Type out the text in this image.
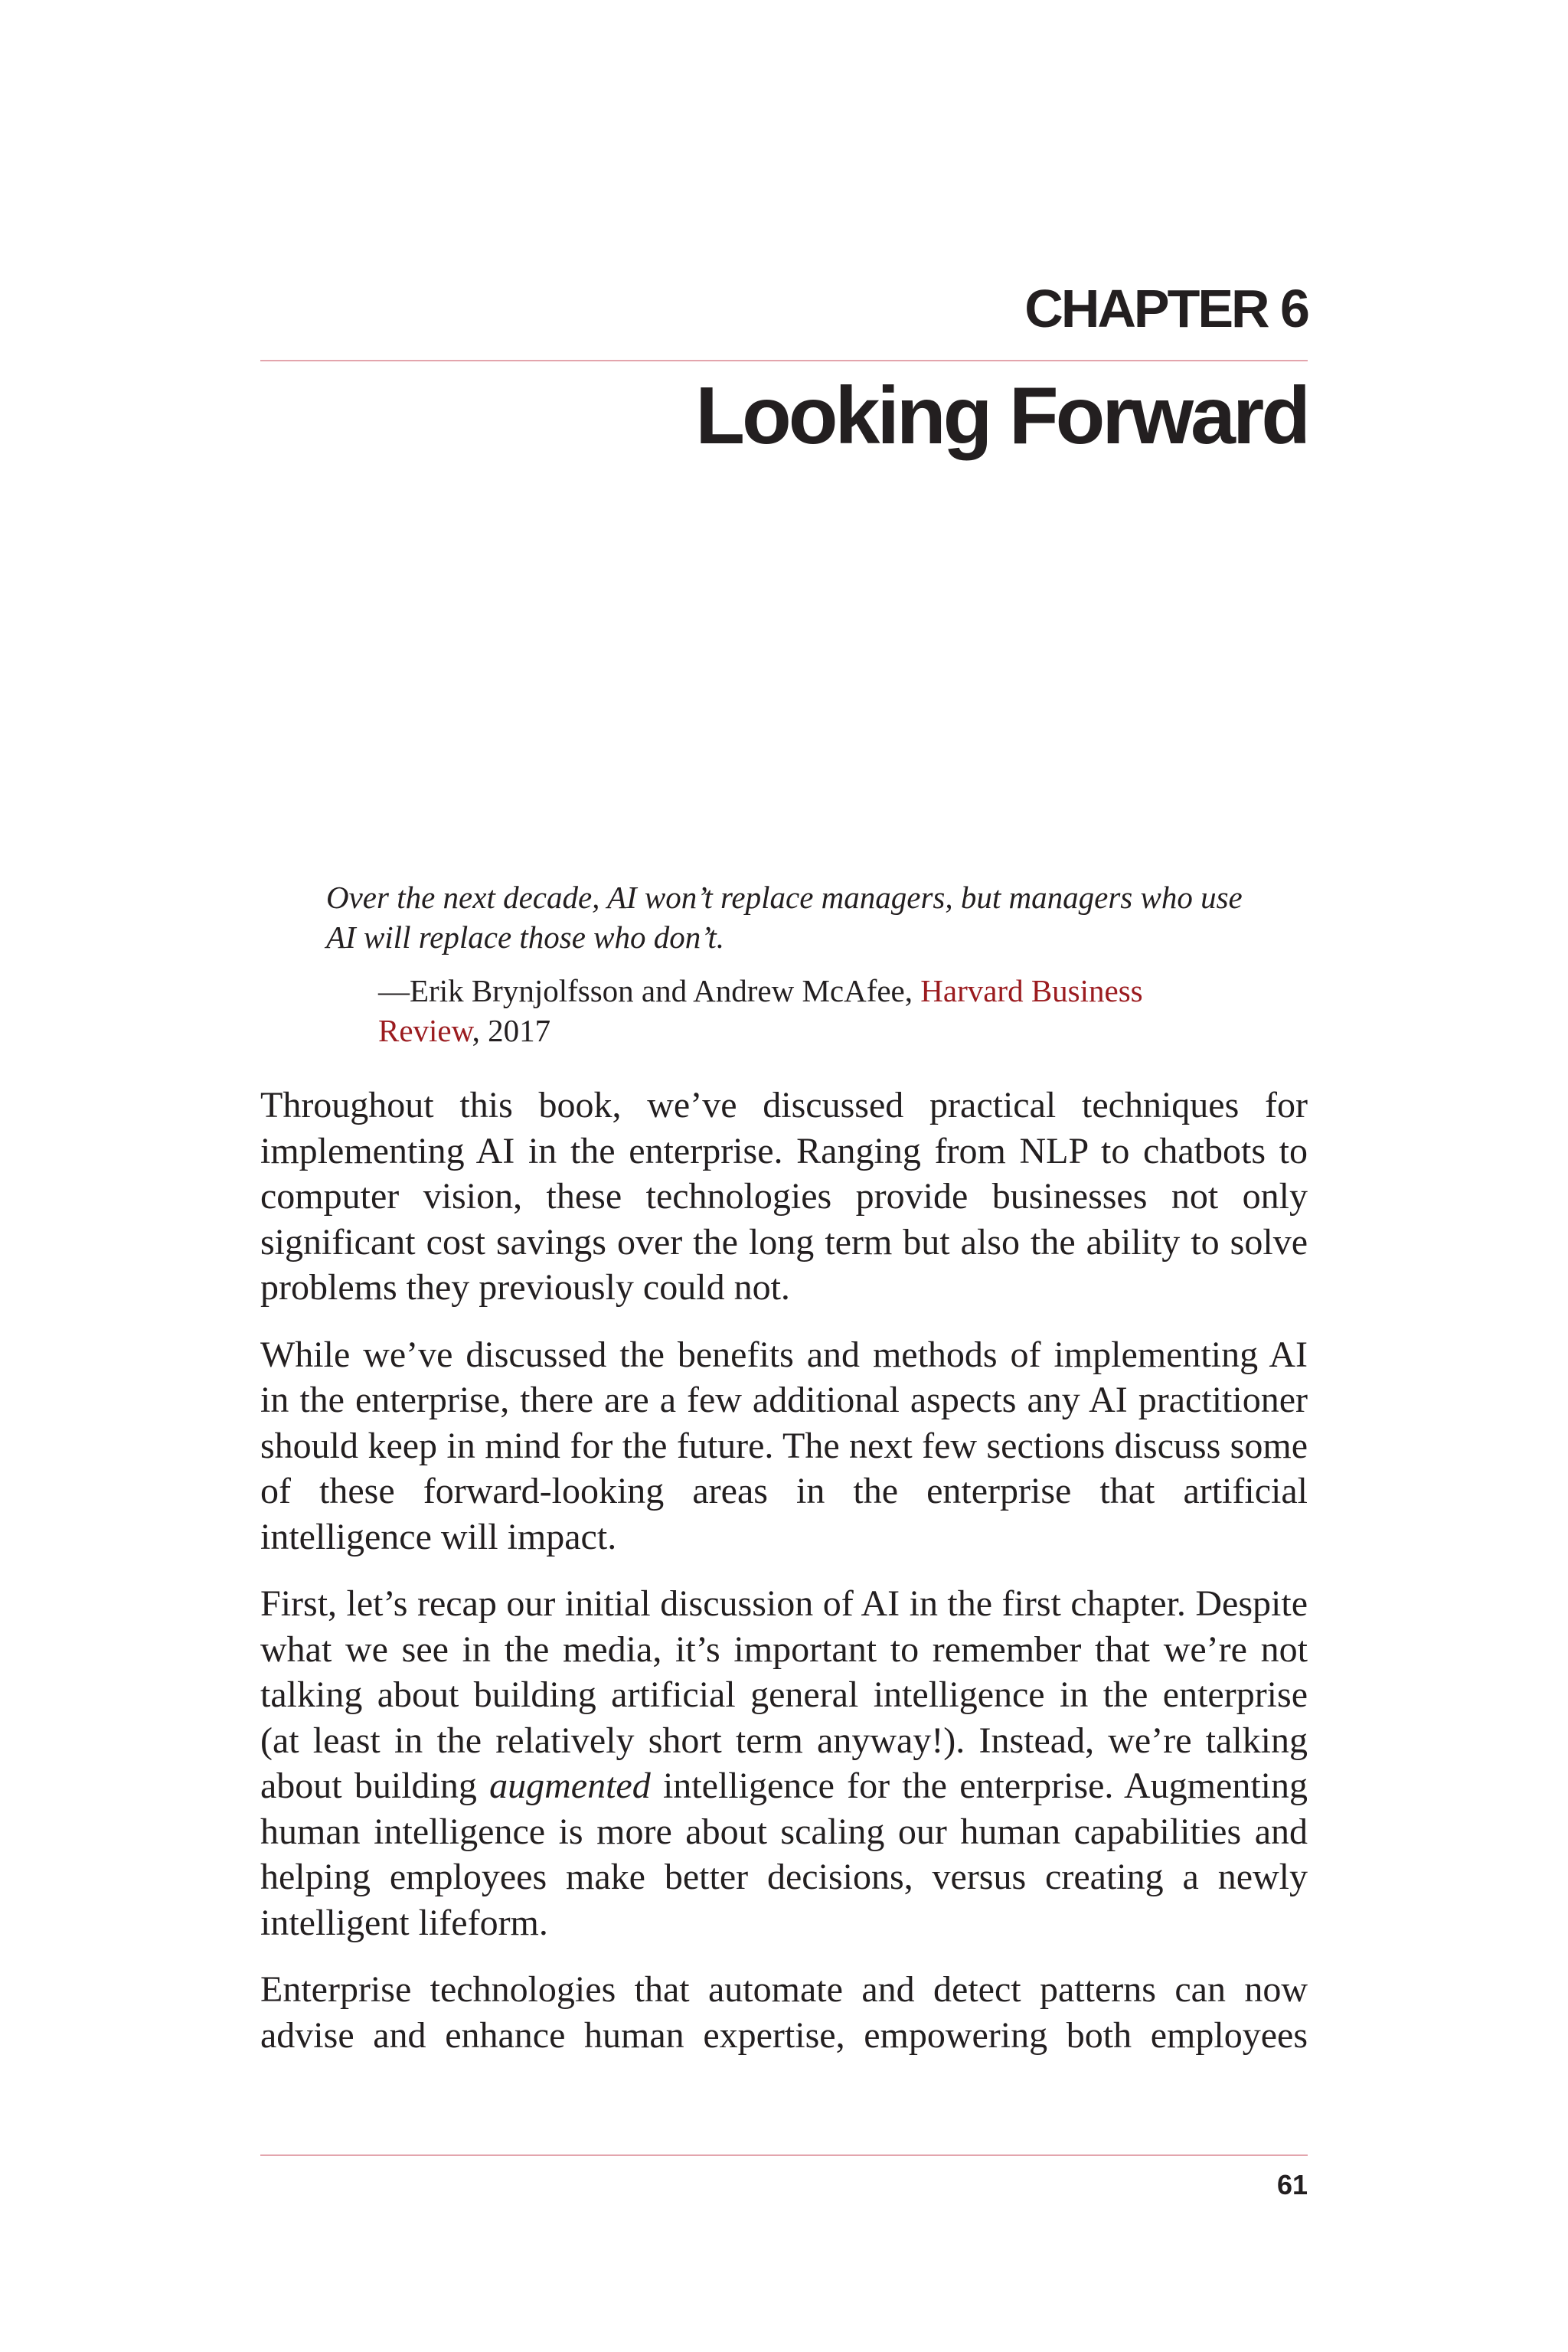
CHAPTER 6
Looking Forward
Over the next decade, AI won’t replace managers, but managers who use AI will replace those who don’t.
—Erik Brynjolfsson and Andrew McAfee, Harvard Business Review, 2017

Throughout this book, we’ve discussed practical techniques for implementing AI in the enterprise. Ranging from NLP to chatbots to computer vision, these technologies provide businesses not only significant cost savings over the long term but also the ability to solve problems they previously could not.

While we’ve discussed the benefits and methods of implementing AI in the enterprise, there are a few additional aspects any AI practitioner should keep in mind for the future. The next few sections discuss some of these forward-looking areas in the enterprise that artificial intelligence will impact.

First, let’s recap our initial discussion of AI in the first chapter. Despite what we see in the media, it’s important to remember that we’re not talking about building artificial general intelligence in the enterprise (at least in the relatively short term anyway!). Instead, we’re talking about building augmented intelligence for the enterprise. Augmenting human intelligence is more about scaling our human capabilities and helping employees make better decisions, versus creating a newly intelligent lifeform.

Enterprise technologies that automate and detect patterns can now advise and enhance human expertise, empowering both employees

61
